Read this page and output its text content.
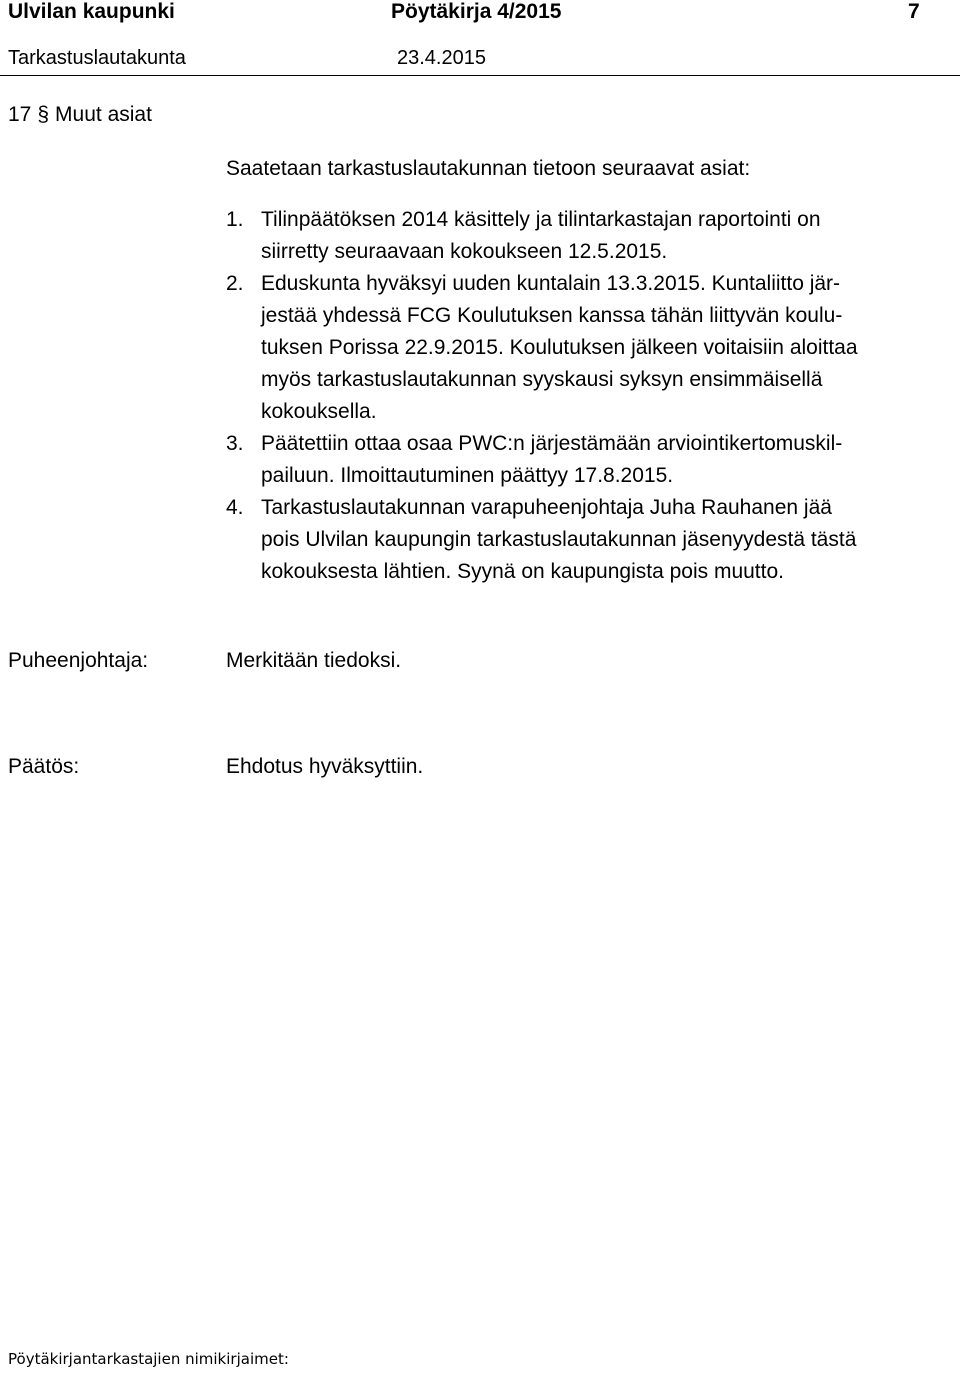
Ulvilan kaupunki	Pöytäkirja 4/2015	7
Tarkastuslautakunta	23.4.2015
17 § Muut asiat
Saatetaan tarkastuslautakunnan tietoon seuraavat asiat:
1. Tilinpäätöksen 2014 käsittely ja tilintarkastajan raportointi on
siirretty seuraavaan kokoukseen 12.5.2015.
2. Eduskunta hyväksyi uuden kuntalain 13.3.2015. Kuntaliitto jär-
jestää yhdessä FCG Koulutuksen kanssa tähän liittyvän koulu-
tuksen Porissa 22.9.2015. Koulutuksen jälkeen voitaisiin aloittaa
myös tarkastuslautakunnan syyskausi syksyn ensimmäisellä
kokouksella.
3. Päätettiin ottaa osaa PWC:n järjestämään arviointikertomuskil-
pailuun. Ilmoittautuminen päättyy 17.8.2015.
4. Tarkastuslautakunnan varapuheenjohtaja Juha Rauhanen jää
pois Ulvilan kaupungin tarkastuslautakunnan jäsenyydestä tästä
kokouksesta lähtien. Syynä on kaupungista pois muutto.
Puheenjohtaja:	Merkitään tiedoksi.
Päätös:	Ehdotus hyväksyttiin.
Pöytäkirjantarkastajien nimikirjaimet:
